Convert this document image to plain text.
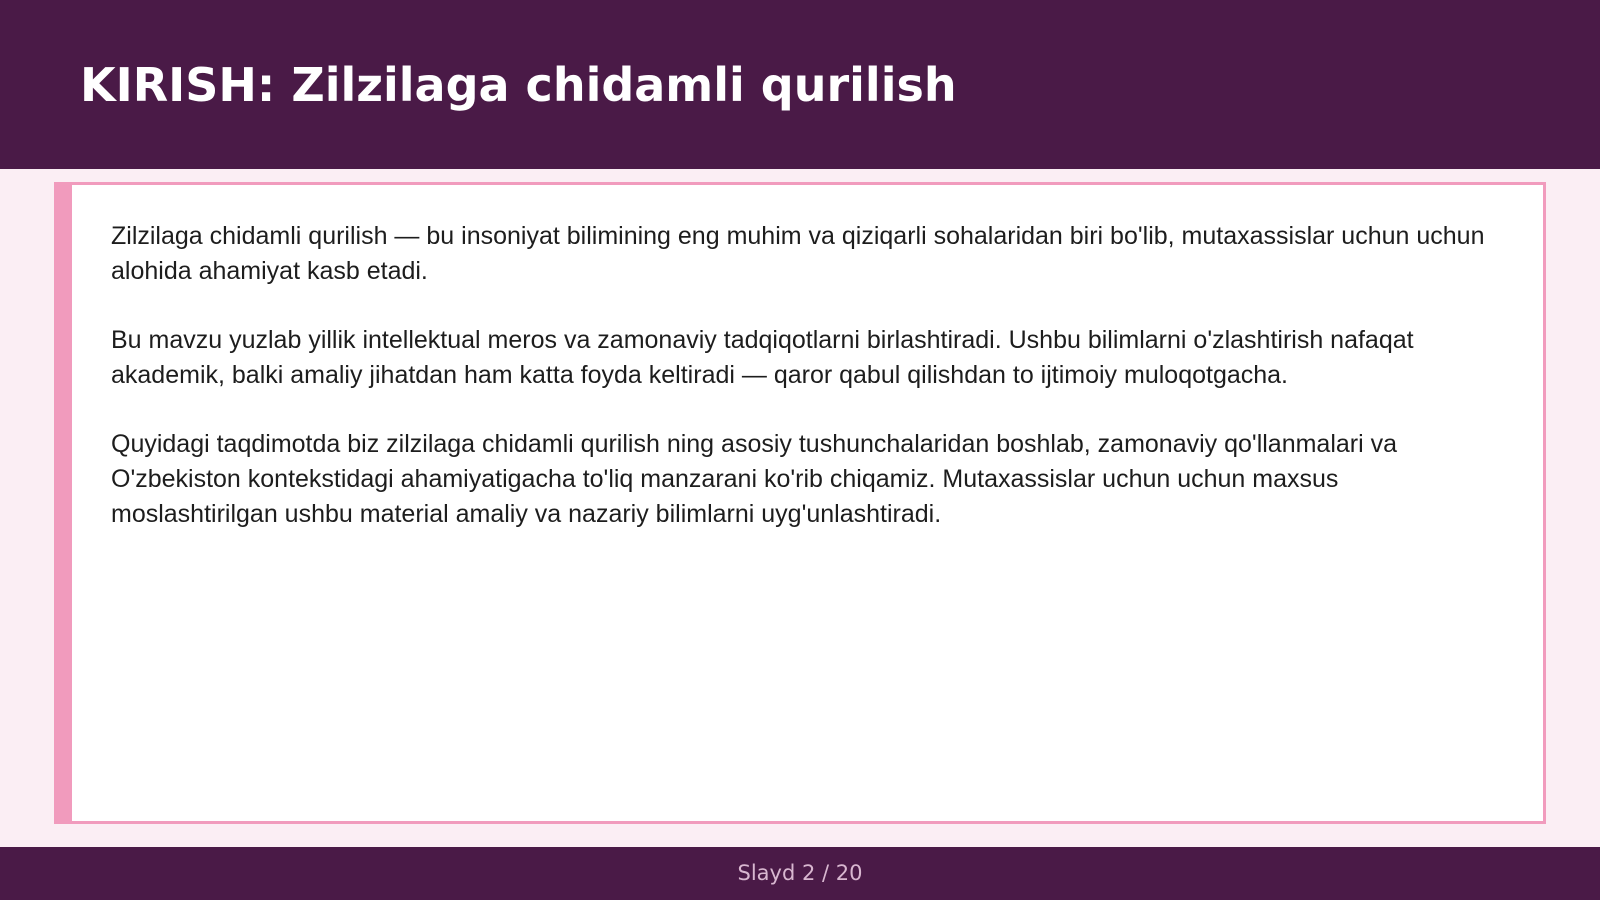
KIRISH: Zilzilaga chidamli qurilish

Zilzilaga chidamli qurilish — bu insoniyat bilimining eng muhim va qiziqarli sohalaridan biri bo'lib, mutaxassislar uchun uchun alohida ahamiyat kasb etadi.

Bu mavzu yuzlab yillik intellektual meros va zamonaviy tadqiqotlarni birlashtiradi. Ushbu bilimlarni o'zlashtirish nafaqat akademik, balki amaliy jihatdan ham katta foyda keltiradi — qaror qabul qilishdan to ijtimoiy muloqotgacha.

Quyidagi taqdimotda biz zilzilaga chidamli qurilish ning asosiy tushunchalaridan boshlab, zamonaviy qo'llanmalari va O'zbekiston kontekstidagi ahamiyatigacha to'liq manzarani ko'rib chiqamiz. Mutaxassislar uchun uchun maxsus moslashtirilgan ushbu material amaliy va nazariy bilimlarni uyg'unlashtiradi.

Slayd 2 / 20
